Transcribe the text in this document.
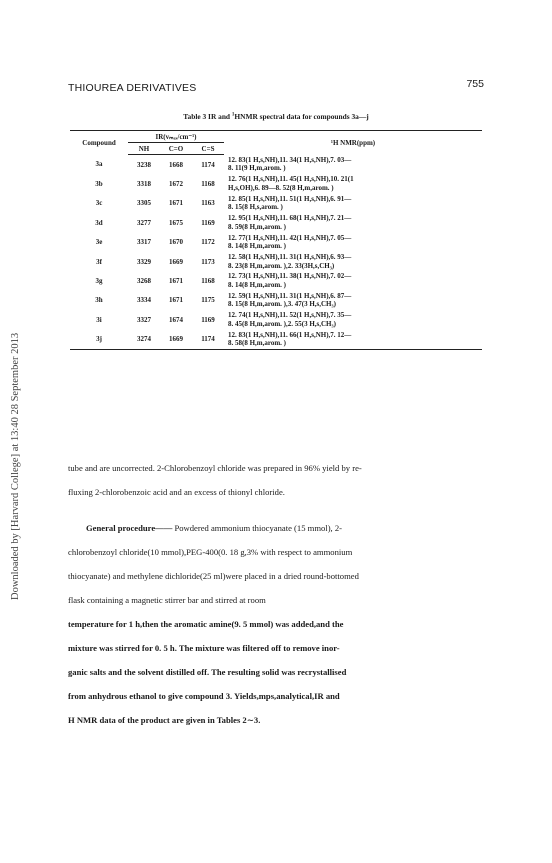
THIOUREA DERIVATIVES	755
Downloaded by [Harvard College] at 13:40 28 September 2013
Table 3 IR and $^1$HNMR spectral data for compounds 3a—j
Compound	IR(vₘₐₓ/cm⁻¹)			¹H NMR(ppm)
	NH	C=O	C=S	
3a	3238	1668	1174	12. 83(1 H,s,NH),11. 34(1 H,s,NH),7. 03—
8. 11(9 H,m,arom. )

3b	3318	1672	1168	12. 76(1 H,s,NH),11. 45(1 H,s,NH),10. 21(1
H,s,OH),6. 89—8. 52(8 H,m,arom. )

3c	3305	1671	1163	12. 85(1 H,s,NH),11. 51(1 H,s,NH),6. 91—
8. 15(8 H,s,arom. )

3d	3277	1675	1169	12. 95(1 H,s,NH),11. 68(1 H,s,NH),7. 21—
8. 59(8 H,m,arom. )

3e	3317	1670	1172	12. 77(1 H,s,NH),11. 42(1 H,s,NH),7. 05—
8. 14(8 H,m,arom. )

3f	3329	1669	1173	12. 58(1 H,s,NH),11. 31(1 H,s,NH),6. 93—
8. 23(8 H,m,arom. ),2. 33(3H,s,CH₃)

3g	3268	1671	1168	12. 73(1 H,s,NH),11. 38(1 H,s,NH),7. 02—
8. 14(8 H,m,arom. )

3h	3334	1671	1175	12. 59(1 H,s,NH),11. 31(1 H,s,NH),6. 87—
8. 15(8 H,m,arom. ),3. 47(3 H,s,CH₃)

3i	3327	1674	1169	12. 74(1 H,s,NH),11. 52(1 H,s,NH),7. 35—
8. 45(8 H,m,arom. ),2. 55(3 H,s,CH₃)

3j	3274	1669	1174	12. 83(1 H,s,NH),11. 66(1 H,s,NH),7. 12—
8. 58(8 H,m,arom. )
tube and are uncorrected. 2-Chlorobenzoyl chloride was prepared in 96% yield by re-
fluxing 2-chlorobenzoic acid and an excess of thionyl chloride.
General procedure—— Powdered ammonium thiocyanate (15 mmol), 2-
chlorobenzoyl chloride(10 mmol),PEG-400(0. 18 g,3% with respect to ammonium
thiocyanate) and methylene dichloride(25 ml)were placed in a dried round-bottomed
flask containing a magnetic stirrer bar and stirred at room
temperature for 1 h,then the aromatic amine(9. 5 mmol) was added,and the
mixture was stirred for 0. 5 h. The mixture was filtered off to remove inor-
ganic salts and the solvent distilled off. The resulting solid was recrystallised
from anhydrous ethanol to give compound 3. Yields,mps,analytical,IR and
H NMR data of the product are given in Tables 2∼3.
